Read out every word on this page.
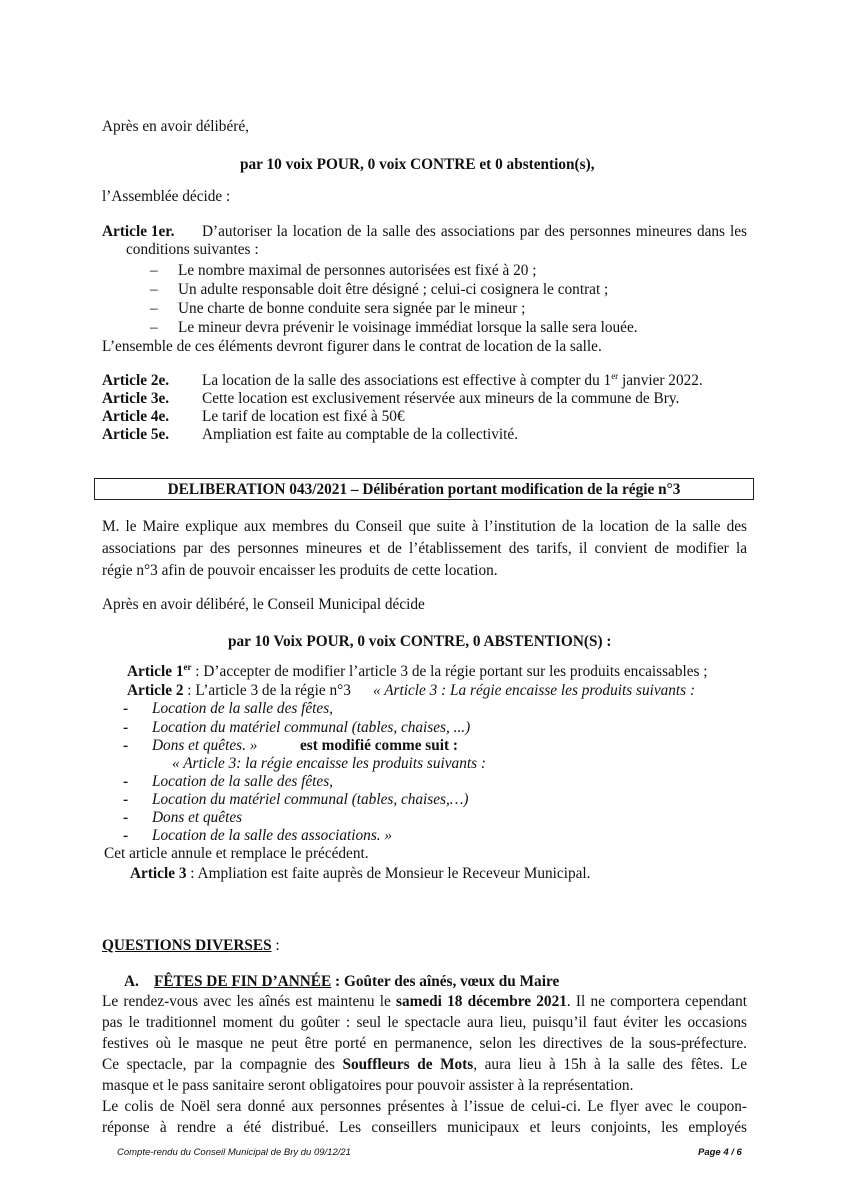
Après en avoir délibéré,
par 10 voix POUR, 0 voix CONTRE et 0 abstention(s),
l’Assemblée décide :
Article 1er. D’autoriser la location de la salle des associations par des personnes mineures dans les
conditions suivantes :
– Le nombre maximal de personnes autorisées est fixé à 20 ;
– Un adulte responsable doit être désigné ; celui-ci cosignera le contrat ;
– Une charte de bonne conduite sera signée par le mineur ;
– Le mineur devra prévenir le voisinage immédiat lorsque la salle sera louée.
L’ensemble de ces éléments devront figurer dans le contrat de location de la salle.
Article 2e. La location de la salle des associations est effective à compter du 1er janvier 2022.
Article 3e. Cette location est exclusivement réservée aux mineurs de la commune de Bry.
Article 4e. Le tarif de location est fixé à 50€
Article 5e. Ampliation est faite au comptable de la collectivité.
DELIBERATION 043/2021 – Délibération portant modification de la régie n°3
M. le Maire explique aux membres du Conseil que suite à l’institution de la location de la salle des
associations par des personnes mineures et de l’établissement des tarifs, il convient de modifier la
régie n°3 afin de pouvoir encaisser les produits de cette location.
Après en avoir délibéré, le Conseil Municipal décide
par 10 Voix POUR, 0 voix CONTRE, 0 ABSTENTION(S) :
Article 1er : D’accepter de modifier l’article 3 de la régie portant sur les produits encaissables ;
Article 2 : L’article 3 de la régie n°3 « Article 3 : La régie encaisse les produits suivants :
- Location de la salle des fêtes,
- Location du matériel communal (tables, chaises, ...)
- Dons et quêtes. »	est modifié comme suit :
« Article 3: la régie encaisse les produits suivants :
- Location de la salle des fêtes,
- Location du matériel communal (tables, chaises,…)
- Dons et quêtes
- Location de la salle des associations. »
Cet article annule et remplace le précédent.
Article 3 : Ampliation est faite auprès de Monsieur le Receveur Municipal.
QUESTIONS DIVERSES :
A. FÊTES DE FIN D’ANNÉE : Goûter des aînés, vœux du Maire
Le rendez-vous avec les aînés est maintenu le samedi 18 décembre 2021. Il ne comportera cependant
pas le traditionnel moment du goûter : seul le spectacle aura lieu, puisqu’il faut éviter les occasions
festives où le masque ne peut être porté en permanence, selon les directives de la sous-préfecture.
Ce spectacle, par la compagnie des Souffleurs de Mots, aura lieu à 15h à la salle des fêtes. Le
masque et le pass sanitaire seront obligatoires pour pouvoir assister à la représentation.
Le colis de Noël sera donné aux personnes présentes à l’issue de celui-ci. Le flyer avec le coupon-
réponse à rendre a été distribué. Les conseillers municipaux et leurs conjoints, les employés
Compte-rendu du Conseil Municipal de Bry du 09/12/21	Page 4 / 6
